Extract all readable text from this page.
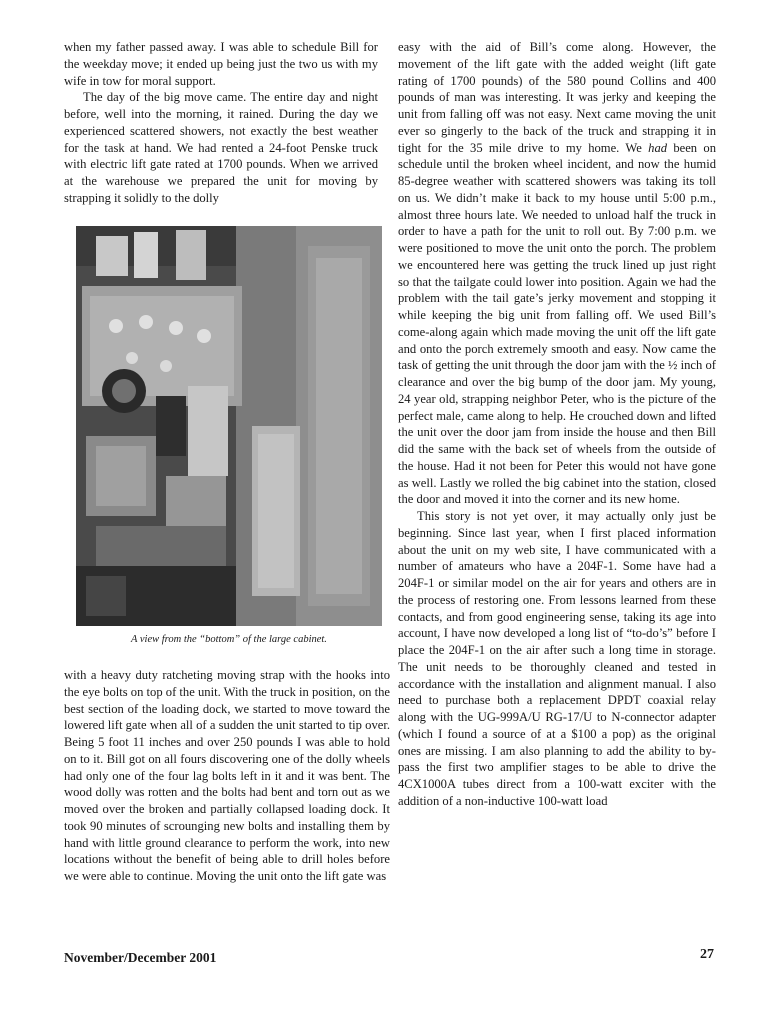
when my father passed away. I was able to schedule Bill for the weekday move; it ended up being just the two us with my wife in tow for moral support.

The day of the big move came. The entire day and night before, well into the morning, it rained. During the day we experienced scattered showers, not exactly the best weather for the task at hand. We had rented a 24-foot Penske truck with electric lift gate rated at 1700 pounds. When we arrived at the warehouse we prepared the unit for moving by strapping it solidly to the dolly

A view from the “bottom” of the large cabinet.

with a heavy duty ratcheting moving strap with the hooks into the eye bolts on top of the unit. With the truck in position, on the best section of the loading dock, we started to move toward the lowered lift gate when all of a sudden the unit started to tip over. Being 5 foot 11 inches and over 250 pounds I was able to hold on to it. Bill got on all fours discovering one of the dolly wheels had only one of the four lag bolts left in it and it was bent. The wood dolly was rotten and the bolts had bent and torn out as we moved over the broken and partially collapsed loading dock. It took 90 minutes of scrounging new bolts and installing them by hand with little ground clearance to perform the work, into new locations without the benefit of being able to drill holes before we were able to continue. Moving the unit onto the lift gate was

easy with the aid of Bill’s come along. However, the movement of the lift gate with the added weight (lift gate rating of 1700 pounds) of the 580 pound Collins and 400 pounds of man was interesting. It was jerky and keeping the unit from falling off was not easy. Next came moving the unit ever so gingerly to the back of the truck and strapping it in tight for the 35 mile drive to my home. We had been on schedule until the broken wheel incident, and now the humid 85-degree weather with scattered showers was taking its toll on us. We didn’t make it back to my house until 5:00 p.m., almost three hours late. We needed to unload half the truck in order to have a path for the unit to roll out. By 7:00 p.m. we were positioned to move the unit onto the porch. The problem we encountered here was getting the truck lined up just right so that the tailgate could lower into position. Again we had the problem with the tail gate’s jerky movement and stopping it while keeping the big unit from falling off. We used Bill’s come-along again which made moving the unit off the lift gate and onto the porch extremely smooth and easy. Now came the task of getting the unit through the door jam with the ½ inch of clearance and over the big bump of the door jam. My young, 24 year old, strapping neighbor Peter, who is the picture of the perfect male, came along to help. He crouched down and lifted the unit over the door jam from inside the house and then Bill did the same with the back set of wheels from the outside of the house. Had it not been for Peter this would not have gone as well. Lastly we rolled the big cabinet into the station, closed the door and moved it into the corner and its new home.

This story is not yet over, it may actually only just be beginning. Since last year, when I first placed information about the unit on my web site, I have communicated with a number of amateurs who have a 204F-1. Some have had a 204F-1 or similar model on the air for years and others are in the process of restoring one. From lessons learned from these contacts, and from good engineering sense, taking its age into account, I have now developed a long list of “to-do’s” before I place the 204F-1 on the air after such a long time in storage. The unit needs to be thoroughly cleaned and tested in accordance with the installation and alignment manual. I also need to purchase both a replacement DPDT coaxial relay along with the UG-999A/U RG-17/U to N-connector adapter (which I found a source of at a $100 a pop) as the original ones are missing. I am also planning to add the ability to by-pass the first two amplifier stages to be able to drive the 4CX1000A tubes direct from a 100-watt exciter with the addition of a non-inductive 100-watt load

November/December 2001	27
